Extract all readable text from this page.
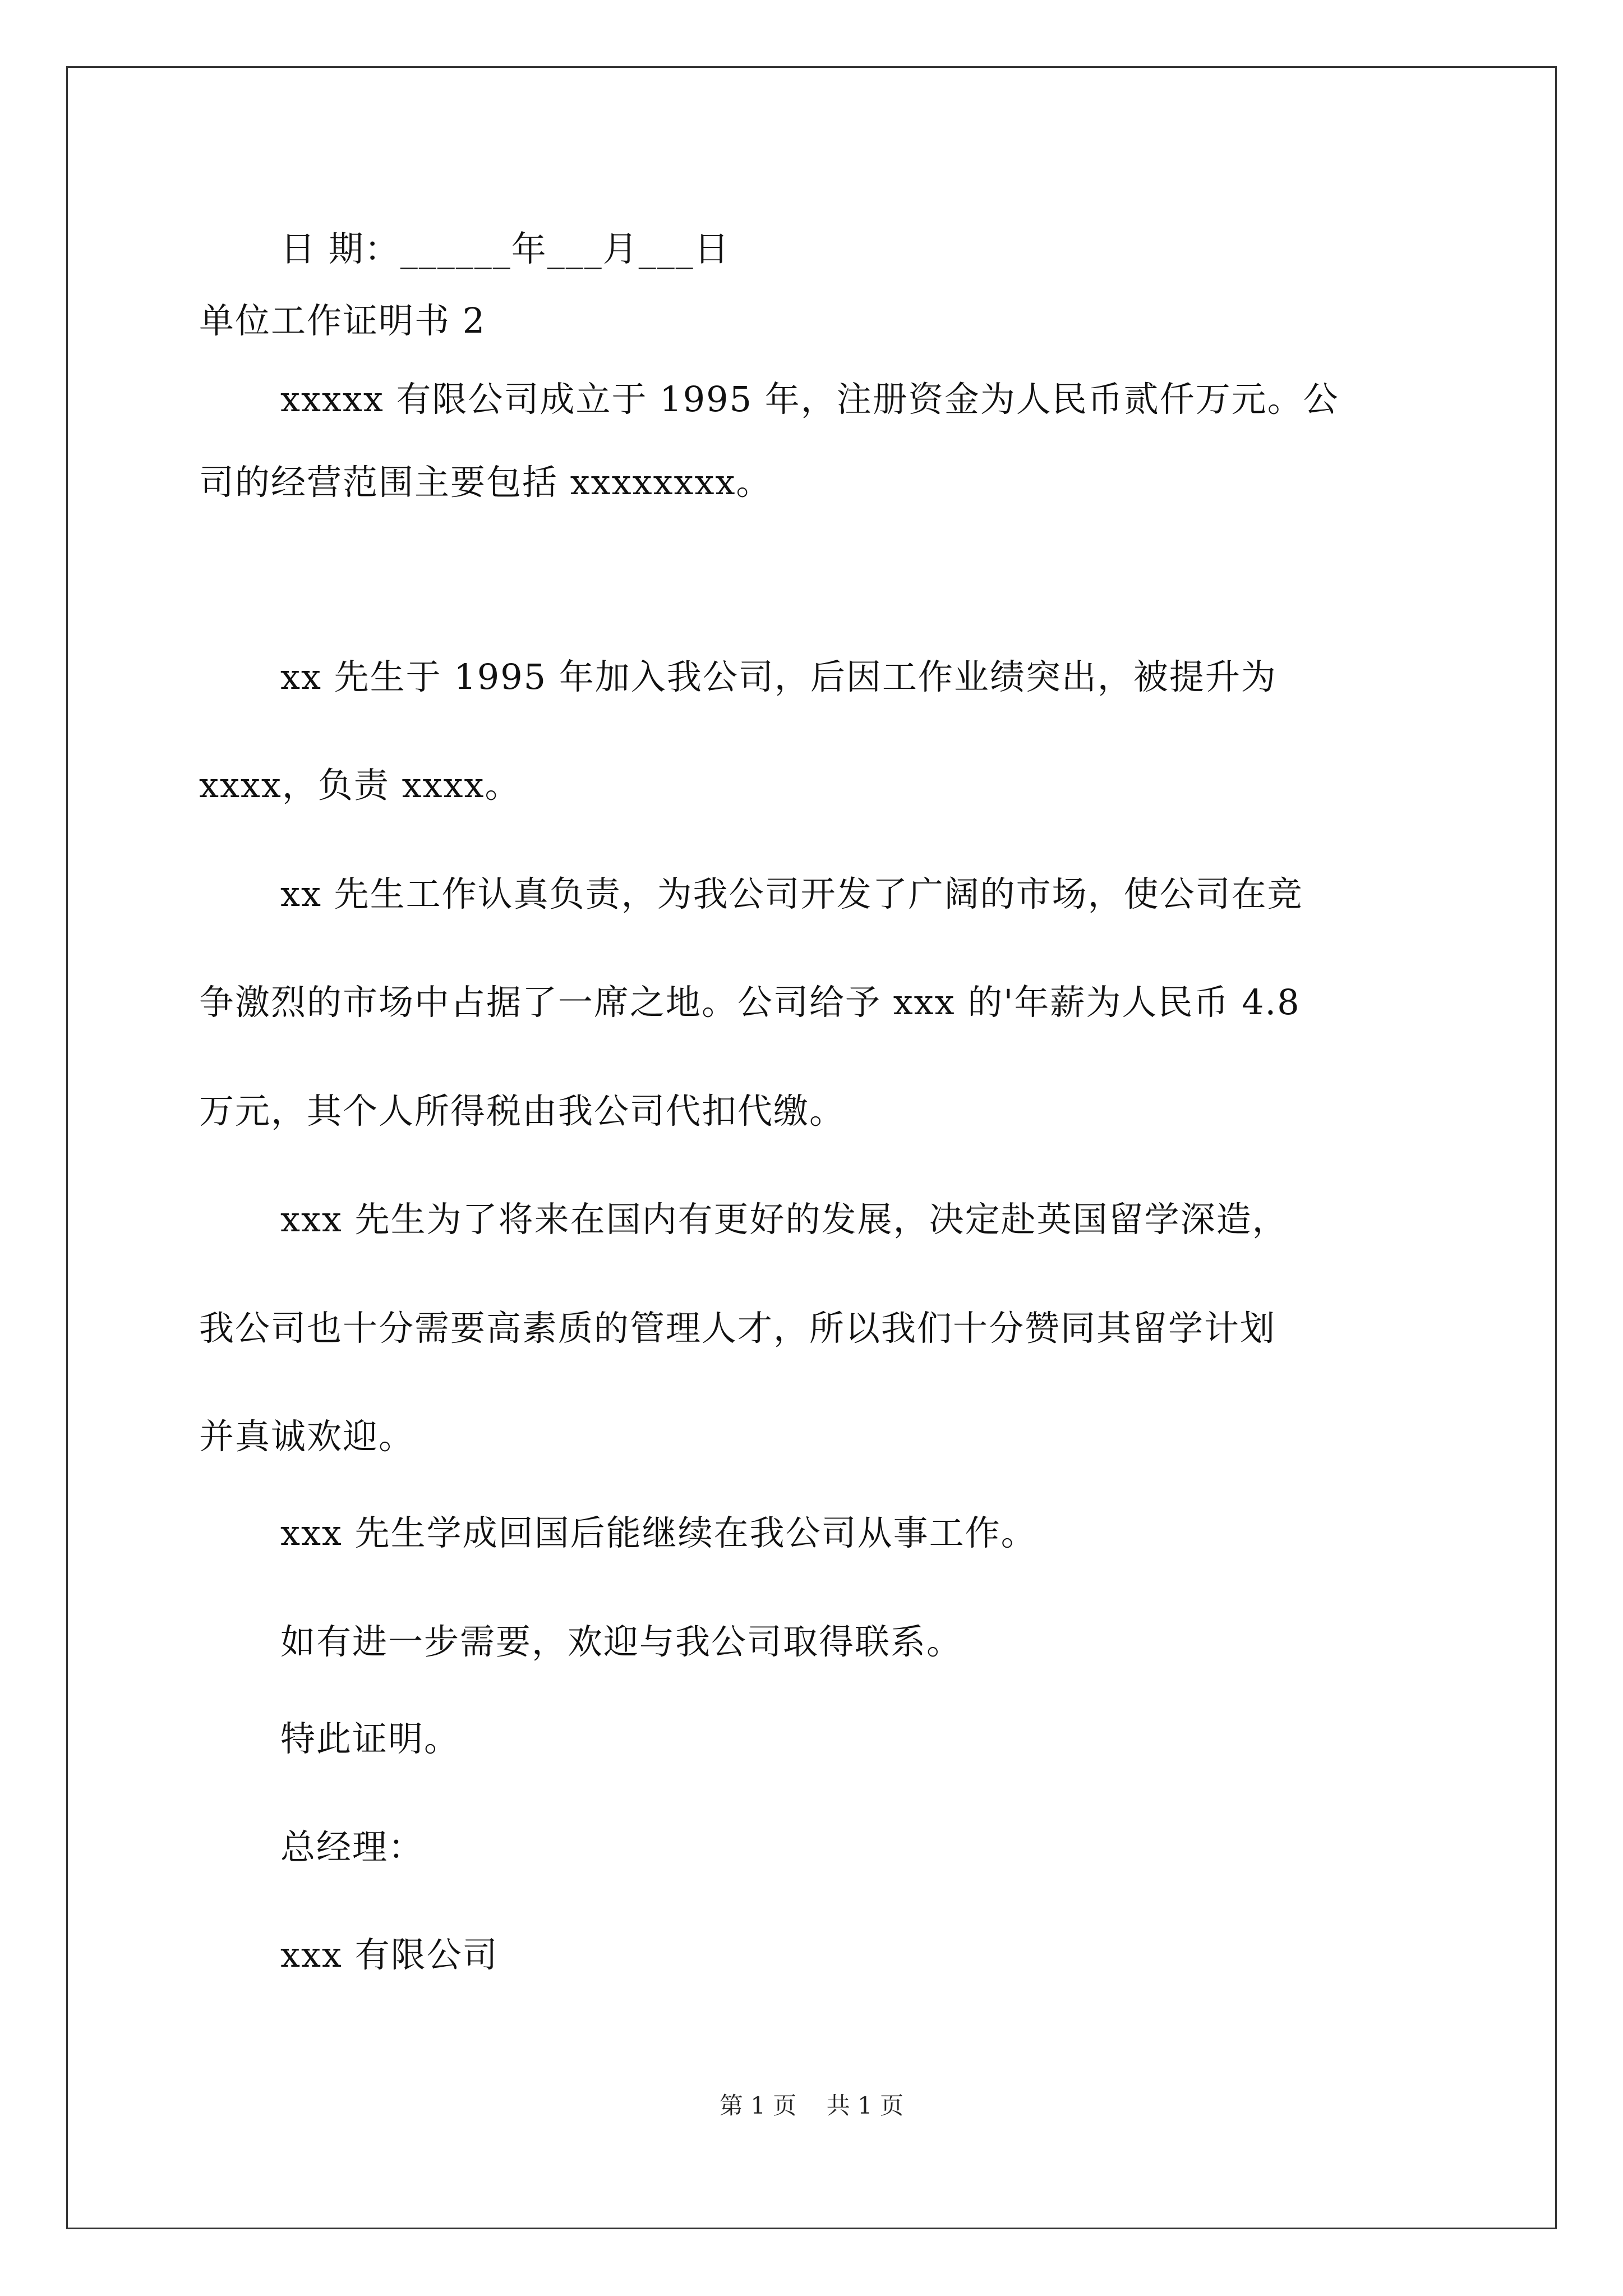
日 期：______年___月___日
单位工作证明书 2
xxxxx 有限公司成立于 1995 年，注册资金为人民币贰仟万元。公
司的经营范围主要包括 xxxxxxxx。
xx 先生于 1995 年加入我公司，后因工作业绩突出，被提升为
xxxx，负责 xxxx。
xx 先生工作认真负责，为我公司开发了广阔的市场，使公司在竞
争激烈的市场中占据了一席之地。公司给予 xxx 的'年薪为人民币 4.8
万元，其个人所得税由我公司代扣代缴。
xxx 先生为了将来在国内有更好的发展，决定赴英国留学深造，
我公司也十分需要高素质的管理人才，所以我们十分赞同其留学计划
并真诚欢迎。
xxx 先生学成回国后能继续在我公司从事工作。
如有进一步需要，欢迎与我公司取得联系。
特此证明。
总经理：
xxx 有限公司
第 1 页    共 1 页
